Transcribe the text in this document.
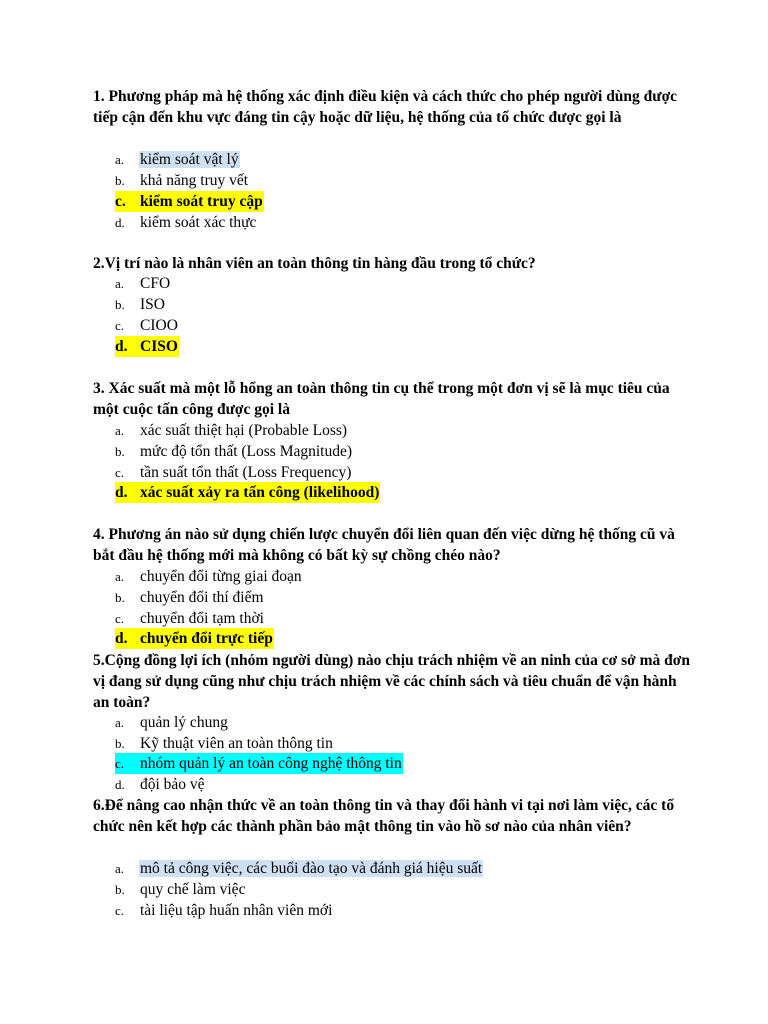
1. Phương pháp mà hệ thống xác định điều kiện và cách thức cho phép người dùng được tiếp cận đến khu vực đáng tin cậy hoặc dữ liệu, hệ thống của tổ chức được gọi là
a. kiểm soát vật lý
b. khả năng truy vết
c. kiểm soát truy cập
d. kiểm soát xác thực
2.Vị trí nào là nhân viên an toàn thông tin hàng đầu trong tổ chức?
a. CFO
b. ISO
c. CIOO
d. CISO
3. Xác suất mà một lỗ hổng an toàn thông tin cụ thể trong một đơn vị sẽ là mục tiêu của một cuộc tấn công được gọi là
a. xác suất thiệt hại (Probable Loss)
b. mức độ tổn thất (Loss Magnitude)
c. tần suất tổn thất (Loss Frequency)
d. xác suất xảy ra tấn công (likelihood)
4. Phương án nào sử dụng chiến lược chuyển đổi liên quan đến việc dừng hệ thống cũ và bắt đầu hệ thống mới mà không có bất kỳ sự chồng chéo nào?
a. chuyển đổi từng giai đoạn
b. chuyển đổi thí điểm
c. chuyển đổi tạm thời
d. chuyển đổi trực tiếp
5.Cộng đồng lợi ích (nhóm người dùng) nào chịu trách nhiệm về an ninh của cơ sở mà đơn vị đang sử dụng cũng như chịu trách nhiệm về các chính sách và tiêu chuẩn để vận hành an toàn?
a. quản lý chung
b. Kỹ thuật viên an toàn thông tin
c. nhóm quản lý an toàn công nghệ thông tin
d. đội bảo vệ
6.Để nâng cao nhận thức về an toàn thông tin và thay đổi hành vi tại nơi làm việc, các tổ chức nên kết hợp các thành phần bảo mật thông tin vào hồ sơ nào của nhân viên?
a. mô tả công việc, các buổi đào tạo và đánh giá hiệu suất
b. quy chế làm việc
c. tài liệu tập huấn nhân viên mới
